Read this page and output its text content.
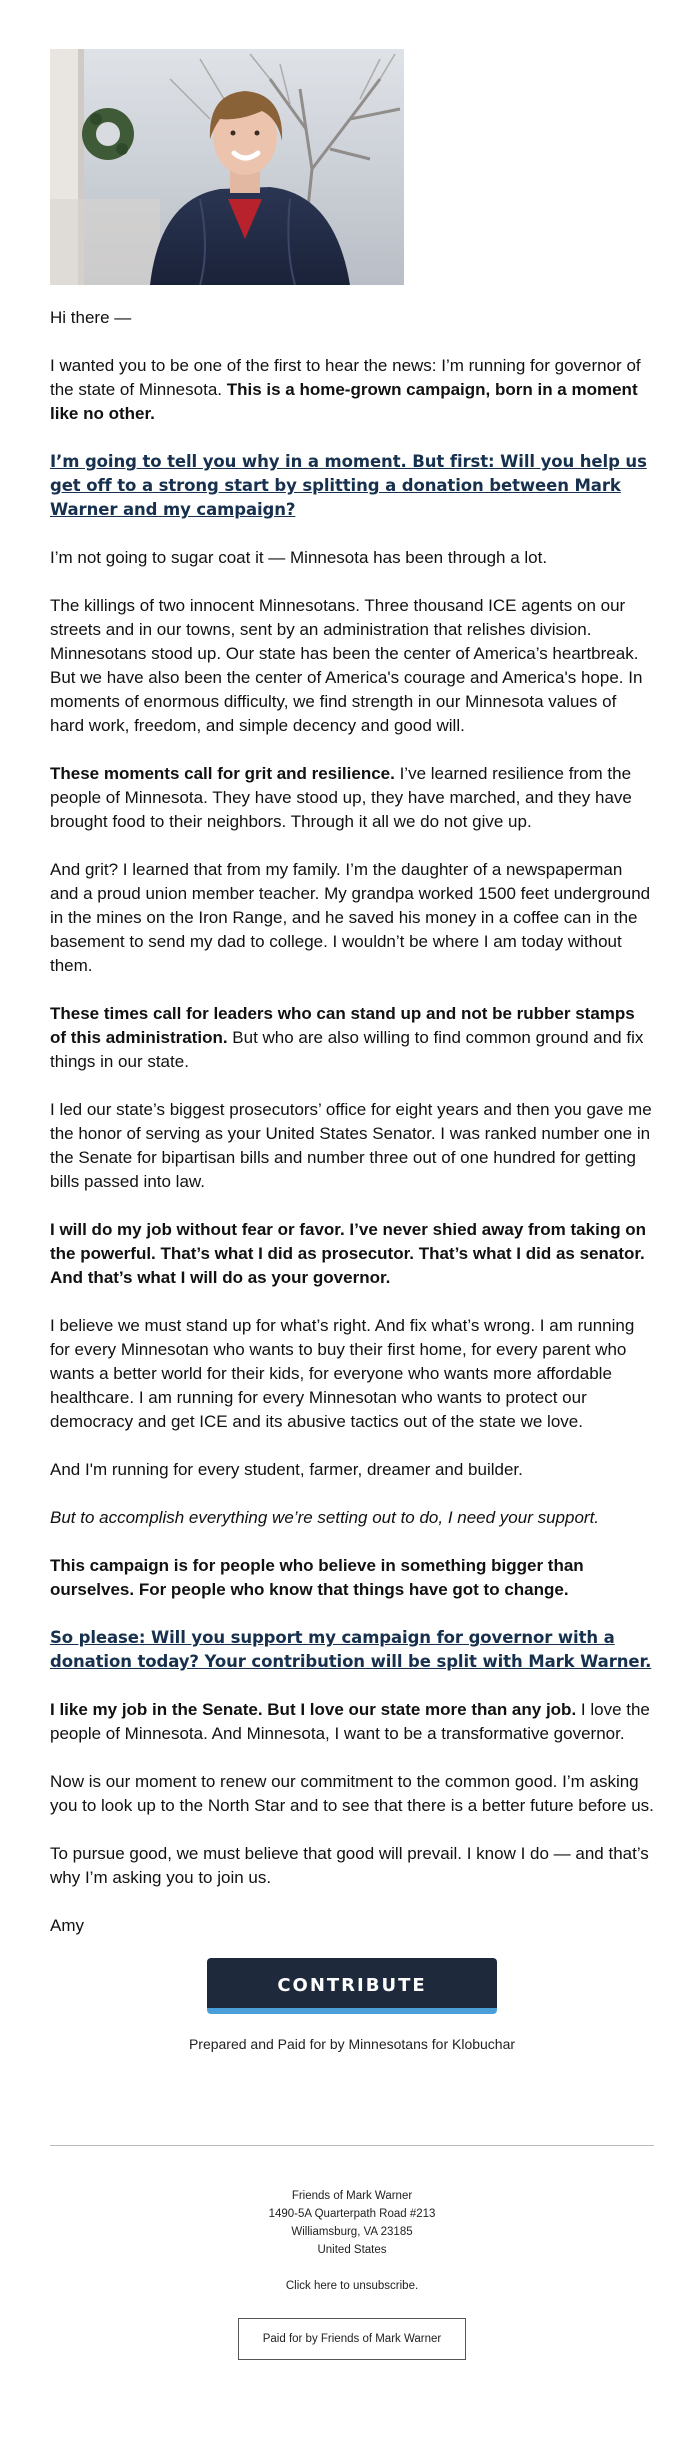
Hi there —

I wanted you to be one of the first to hear the news: I’m running for governor of the state of Minnesota. This is a home-grown campaign, born in a moment like no other.

I’m going to tell you why in a moment. But first: Will you help us get off to a strong start by splitting a donation between Mark Warner and my campaign?

I’m not going to sugar coat it — Minnesota has been through a lot.

The killings of two innocent Minnesotans. Three thousand ICE agents on our streets and in our towns, sent by an administration that relishes division. Minnesotans stood up. Our state has been the center of America’s heartbreak. But we have also been the center of America's courage and America's hope. In moments of enormous difficulty, we find strength in our Minnesota values of hard work, freedom, and simple decency and good will.

These moments call for grit and resilience. I’ve learned resilience from the people of Minnesota. They have stood up, they have marched, and they have brought food to their neighbors. Through it all we do not give up.

And grit? I learned that from my family. I’m the daughter of a newspaperman and a proud union member teacher. My grandpa worked 1500 feet underground in the mines on the Iron Range, and he saved his money in a coffee can in the basement to send my dad to college. I wouldn’t be where I am today without them.

These times call for leaders who can stand up and not be rubber stamps of this administration. But who are also willing to find common ground and fix things in our state.

I led our state’s biggest prosecutors’ office for eight years and then you gave me the honor of serving as your United States Senator. I was ranked number one in the Senate for bipartisan bills and number three out of one hundred for getting bills passed into law.

I will do my job without fear or favor. I’ve never shied away from taking on the powerful. That’s what I did as prosecutor. That’s what I did as senator. And that’s what I will do as your governor.

I believe we must stand up for what’s right. And fix what’s wrong. I am running for every Minnesotan who wants to buy their first home, for every parent who wants a better world for their kids, for everyone who wants more affordable healthcare. I am running for every Minnesotan who wants to protect our democracy and get ICE and its abusive tactics out of the state we love.

And I'm running for every student, farmer, dreamer and builder.

But to accomplish everything we’re setting out to do, I need your support.

This campaign is for people who believe in something bigger than ourselves. For people who know that things have got to change.

So please: Will you support my campaign for governor with a donation today? Your contribution will be split with Mark Warner.

I like my job in the Senate. But I love our state more than any job. I love the people of Minnesota. And Minnesota, I want to be a transformative governor.

Now is our moment to renew our commitment to the common good. I’m asking you to look up to the North Star and to see that there is a better future before us.

To pursue good, we must believe that good will prevail. I know I do — and that’s why I’m asking you to join us.

Amy

CONTRIBUTE
Prepared and Paid for by Minnesotans for Klobuchar
Friends of Mark Warner
1490-5A Quarterpath Road #213
Williamsburg, VA 23185
United States
Click here to unsubscribe.
Paid for by Friends of Mark Warner
